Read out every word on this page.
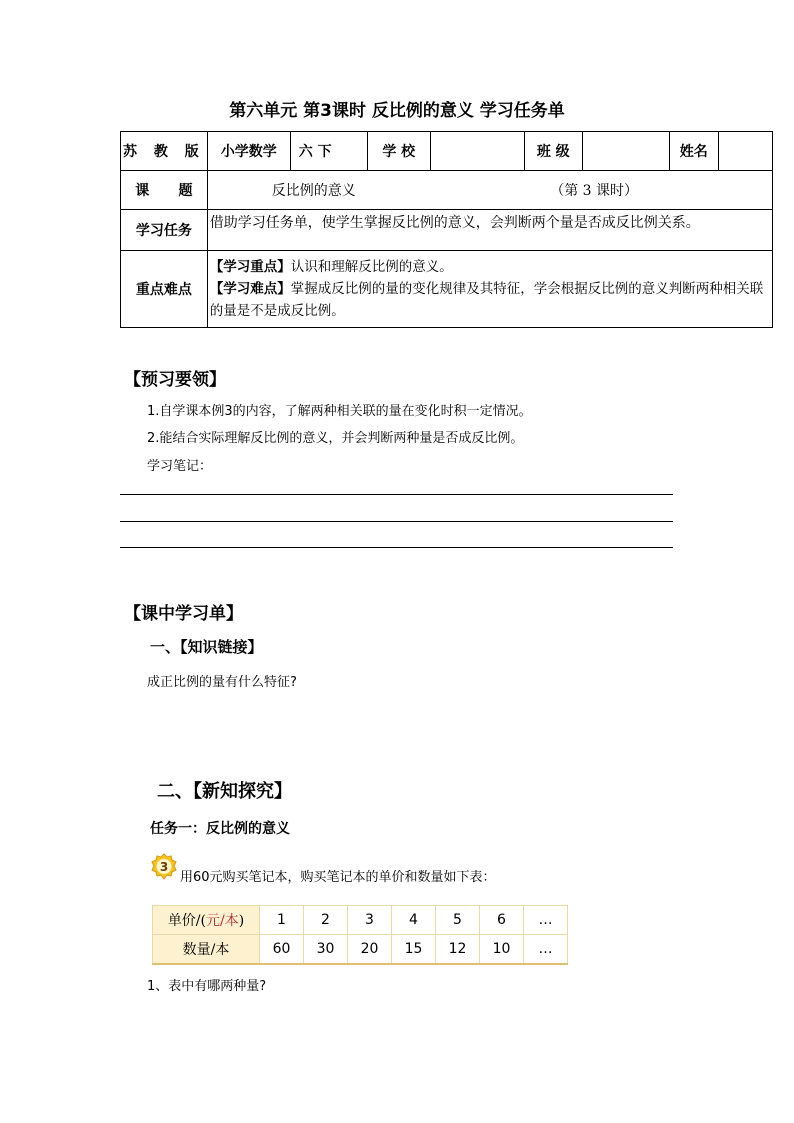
第六单元 第3课时 反比例的意义 学习任务单
苏 教 版	小学数学	六 下	学 校		班 级		姓名	
课      题	反比例的意义 （第 3 课时）							
学习任务	借助学习任务单，使学生掌握反比例的意义，会判断两个量是否成反比例关系。							
重点难点	【学习重点】认识和理解反比例的意义。
【学习难点】掌握成反比例的量的变化规律及其特征，学会根据反比例的意义判断两种相关联的量是不是成反比例。							
【预习要领】
1.自学课本例3的内容，了解两种相关联的量在变化时积一定情况。
2.能结合实际理解反比例的意义，并会判断两种量是否成反比例。
学习笔记：
【课中学习单】
一、【知识链接】
成正比例的量有什么特征?
二、【新知探究】
任务一：反比例的意义
3
用60元购买笔记本，购买笔记本的单价和数量如下表：
单价/(元/本)	1	2	3	4	5	6	…
数量/本	60	30	20	15	12	10	…
1、表中有哪两种量?
